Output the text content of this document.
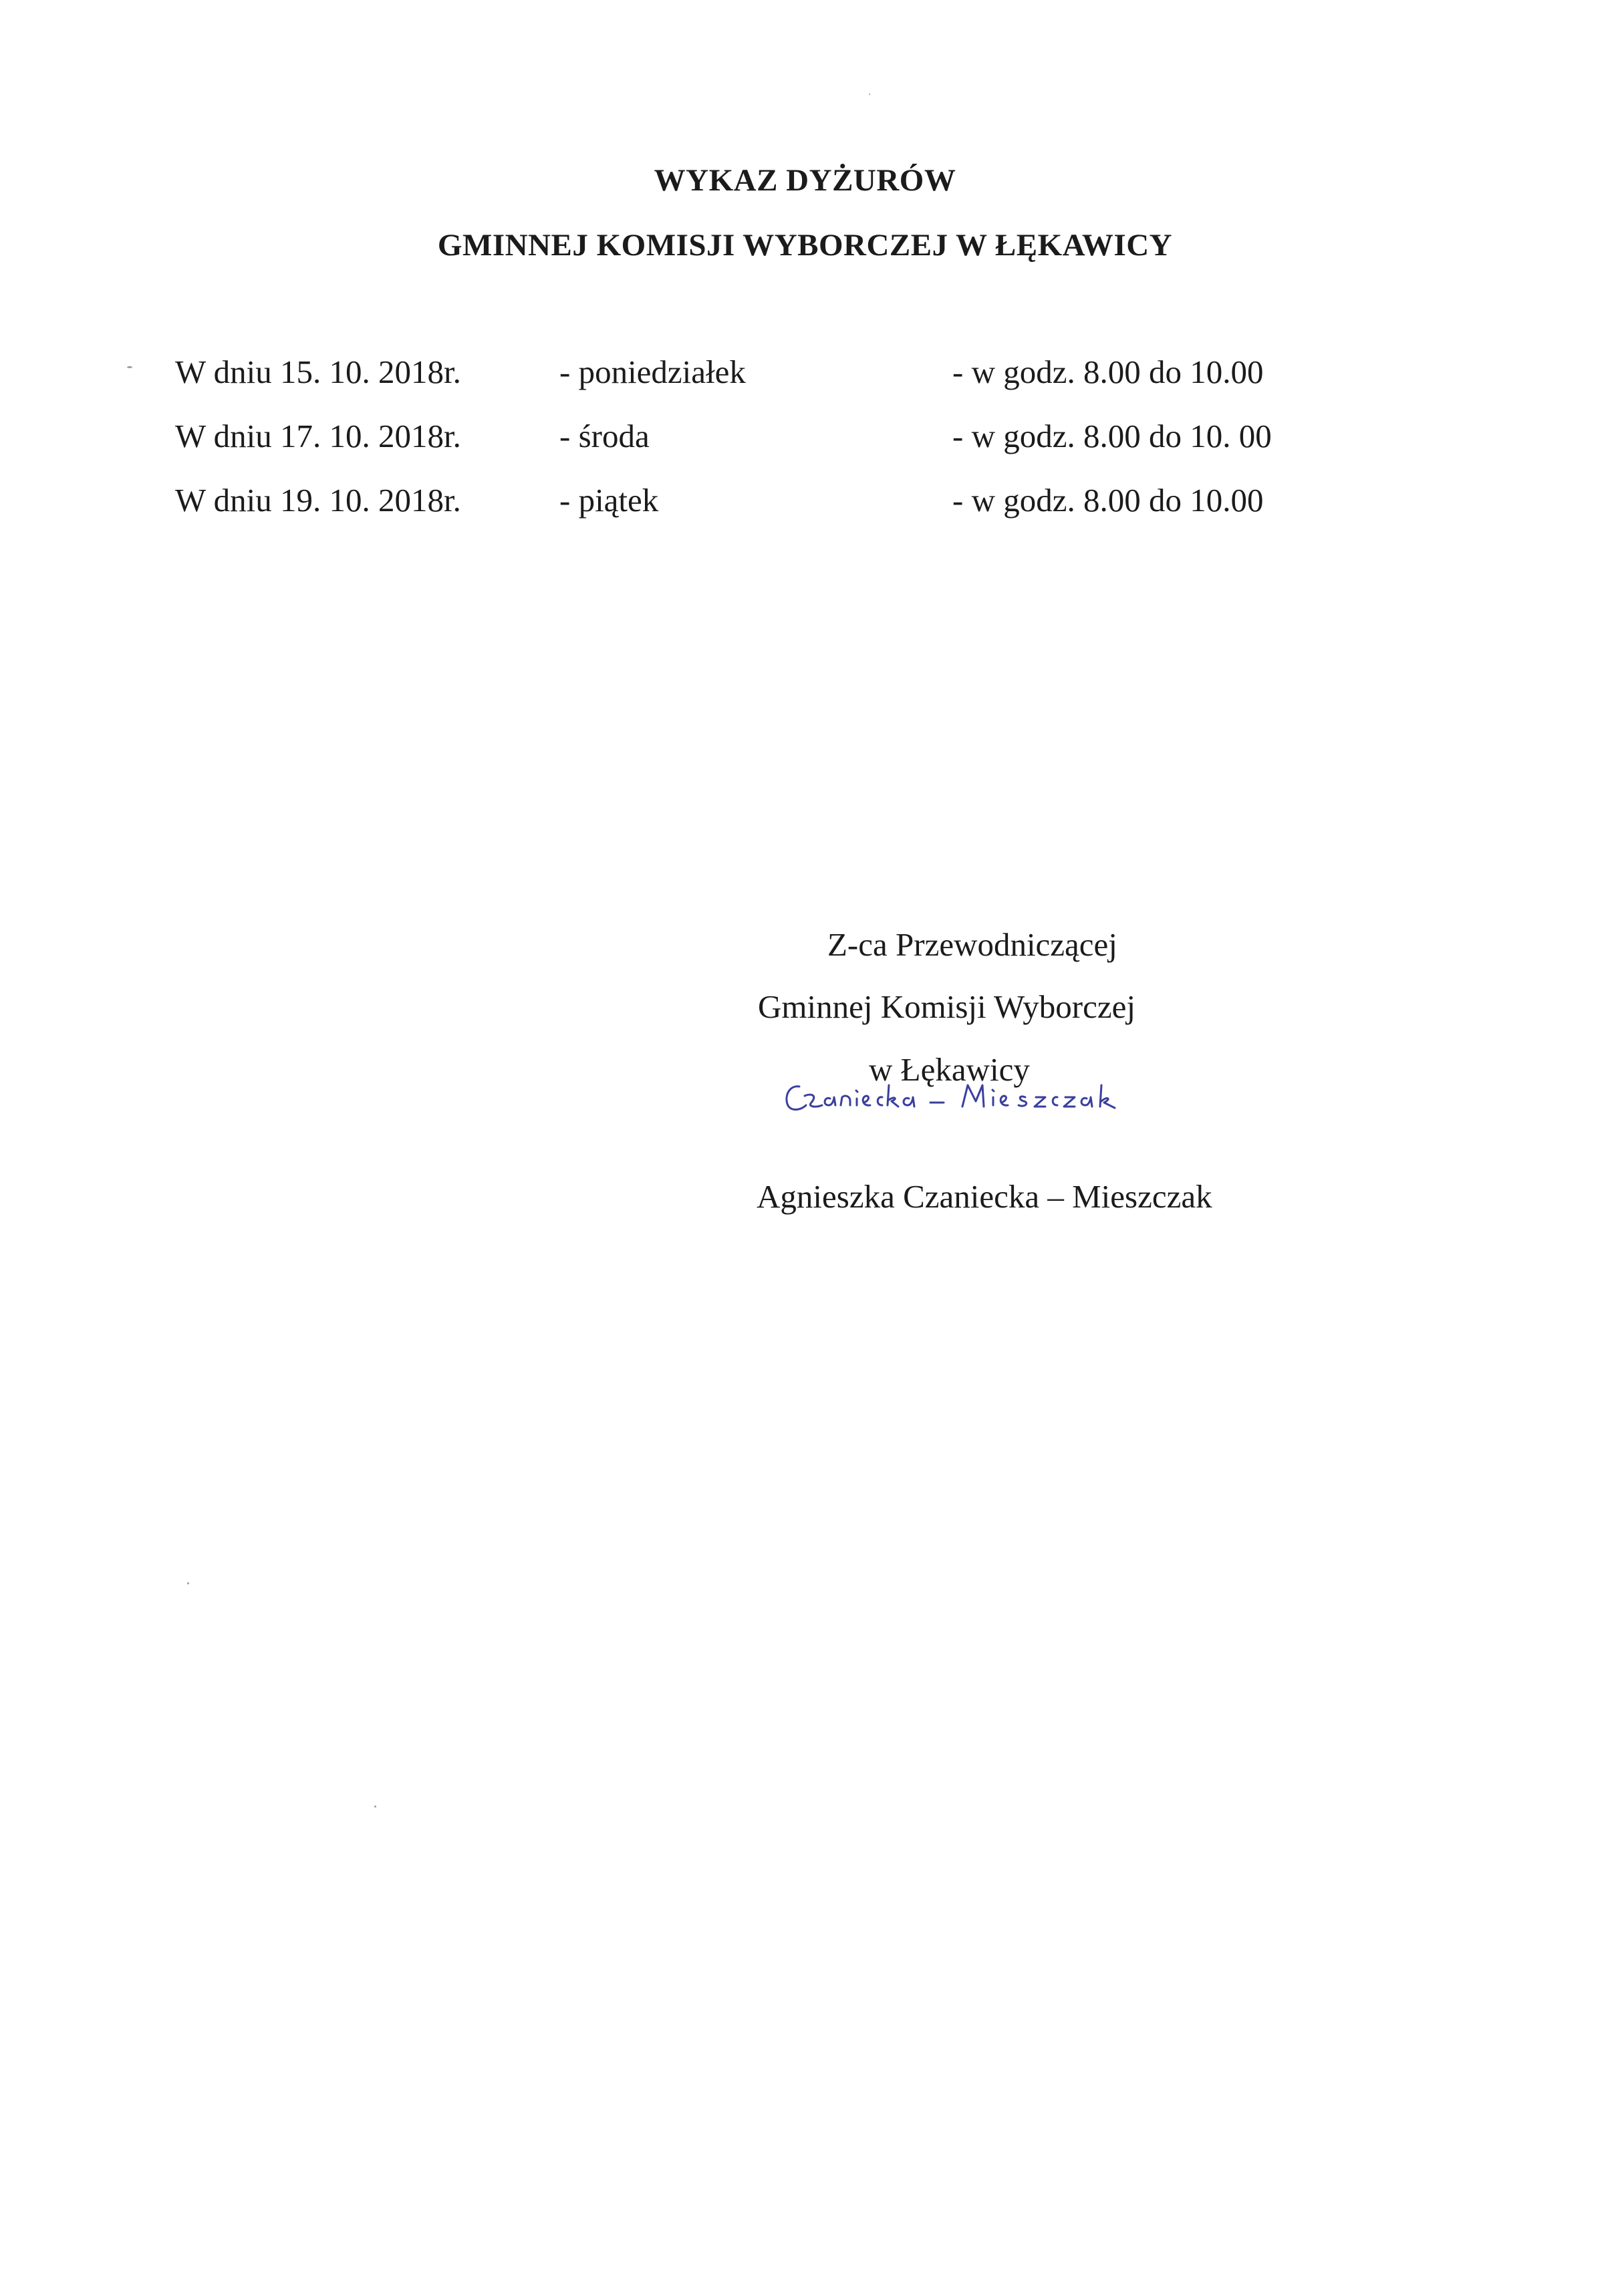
WYKAZ DYŻURÓW
GMINNEJ KOMISJI WYBORCZEJ W ŁĘKAWICY
W dniu 15. 10. 2018r.	- poniedziałek	- w godz. 8.00 do 10.00
W dniu 17. 10. 2018r.	- środa	- w godz. 8.00 do 10. 00
W dniu 19. 10. 2018r.	- piątek	- w godz. 8.00 do 10.00
Z-ca Przewodniczącej
Gminnej Komisji Wyborczej
w Łękawicy
Agnieszka Czaniecka – Mieszczak
